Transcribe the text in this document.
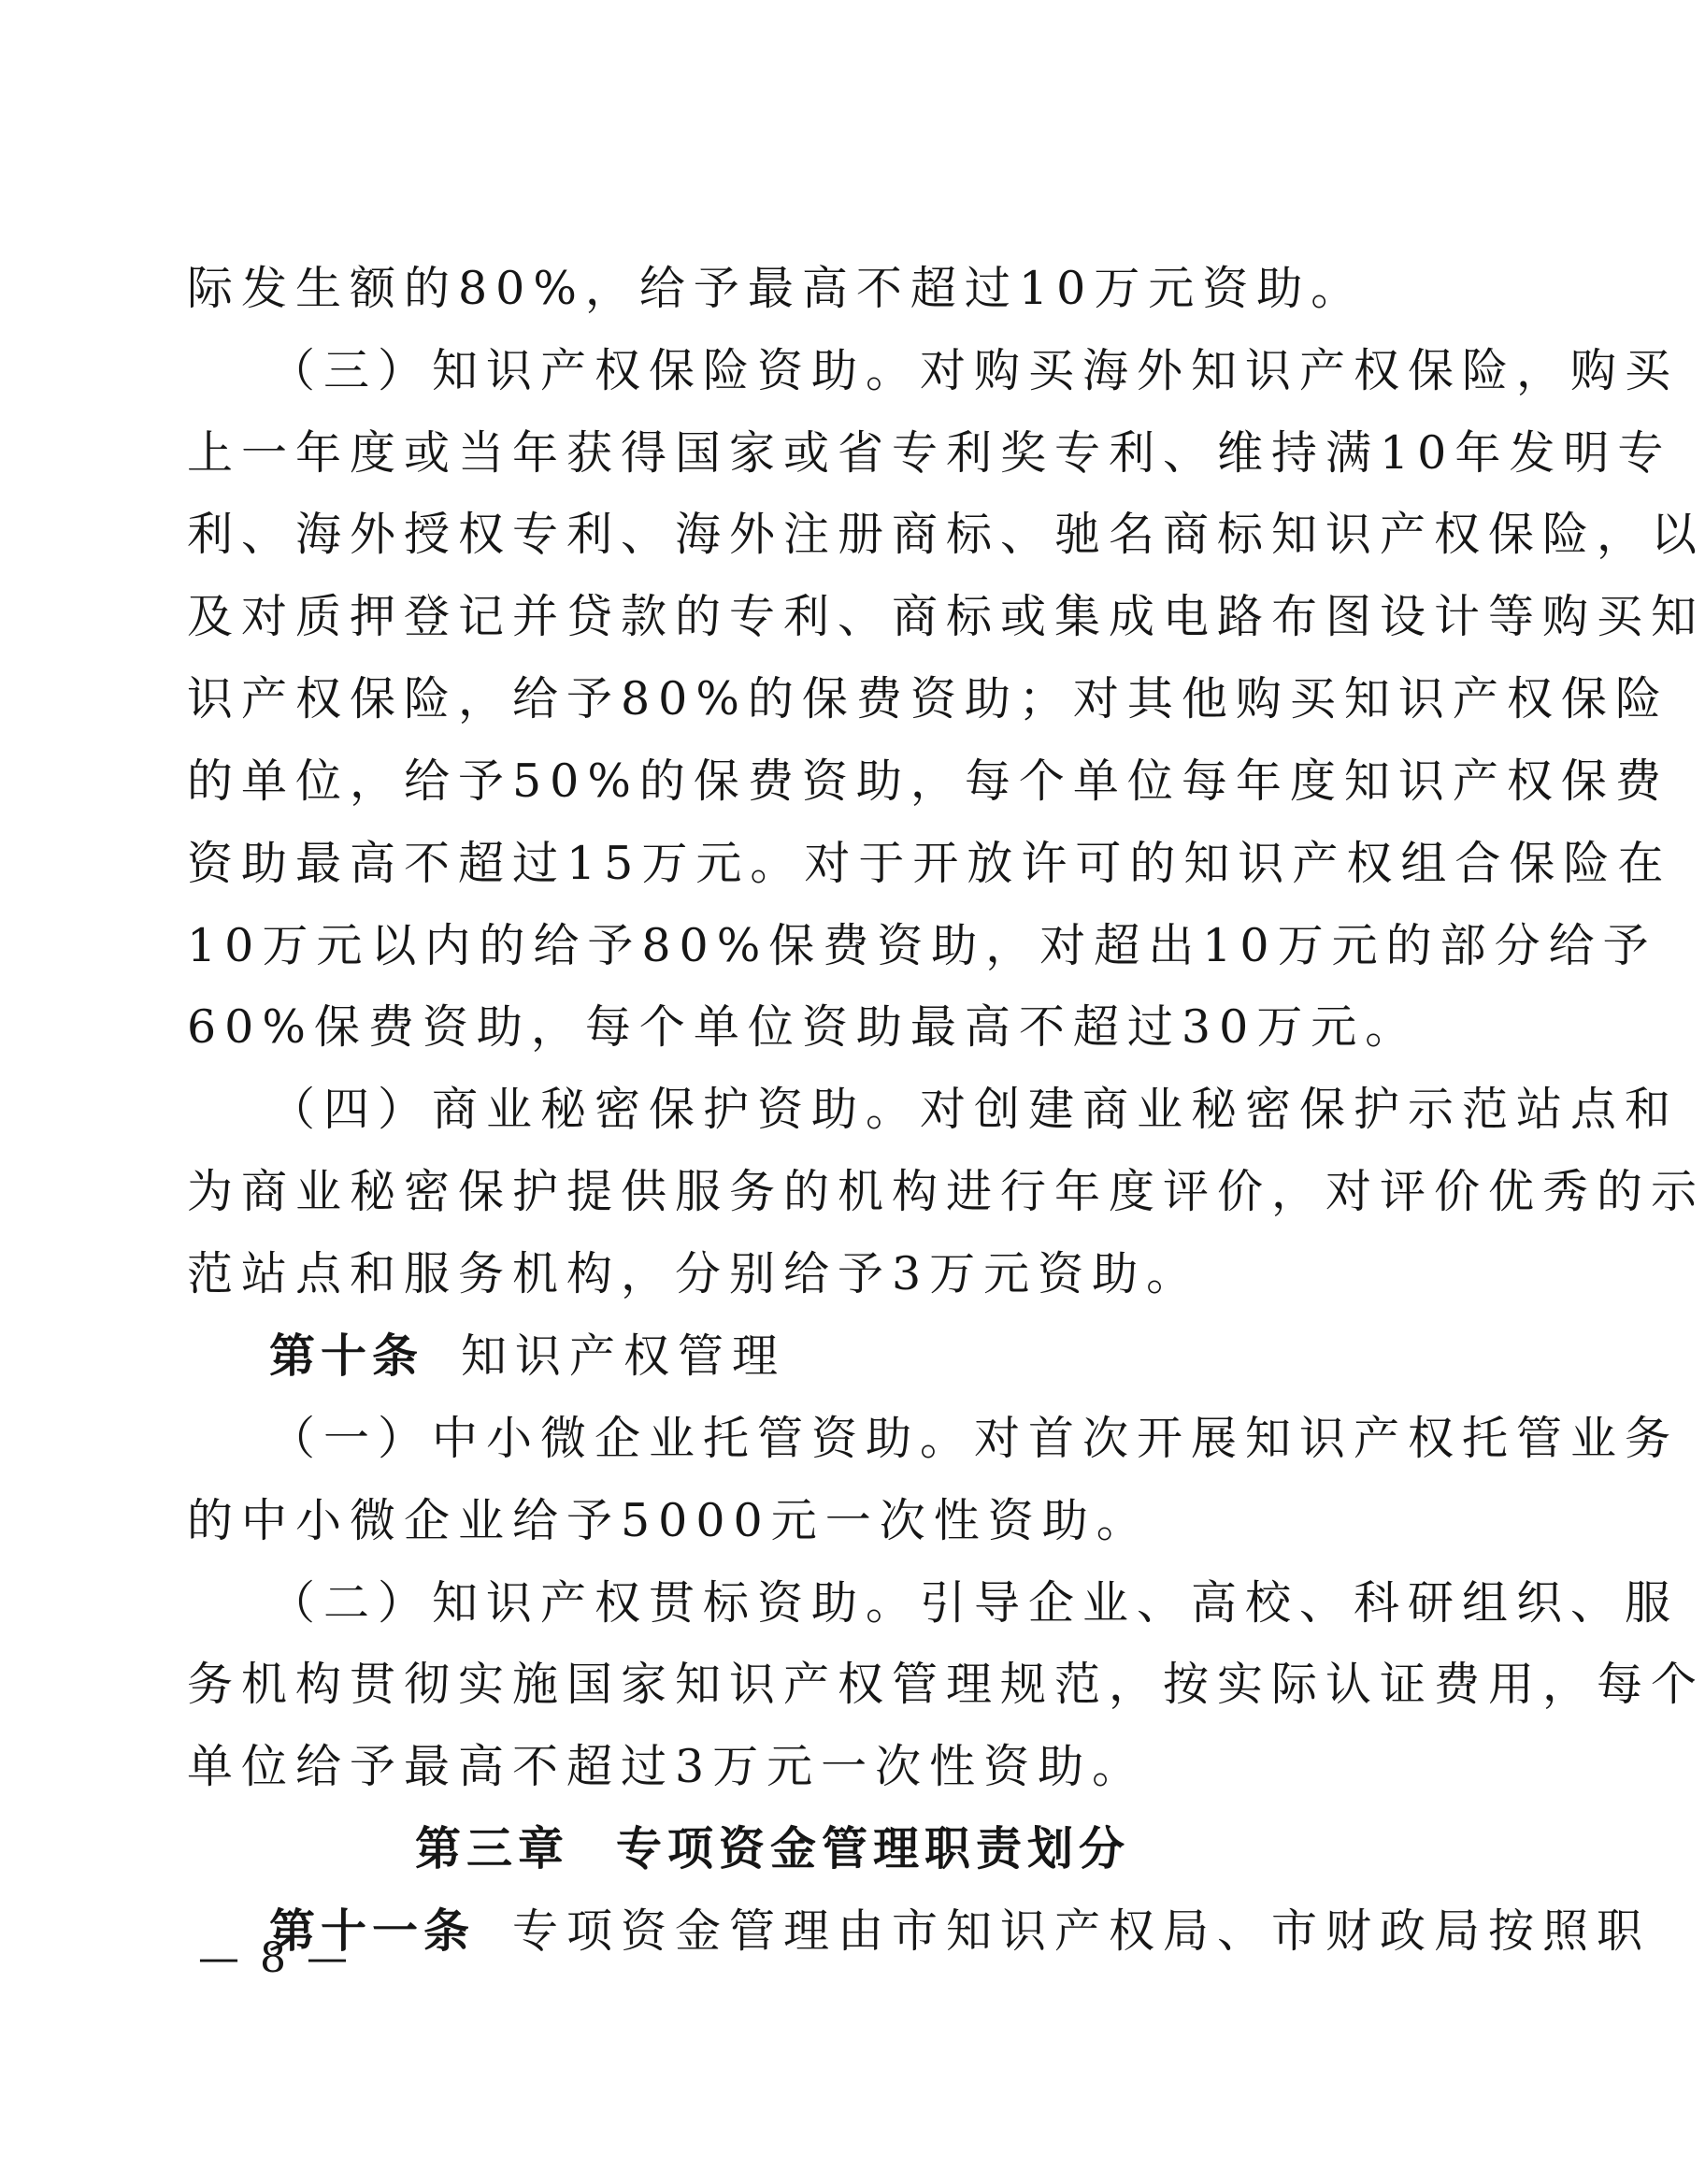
际发生额的80%，给予最高不超过10万元资助。
（三）知识产权保险资助。对购买海外知识产权保险，购买
上一年度或当年获得国家或省专利奖专利、维持满10年发明专
利、海外授权专利、海外注册商标、驰名商标知识产权保险，以
及对质押登记并贷款的专利、商标或集成电路布图设计等购买知
识产权保险，给予80%的保费资助；对其他购买知识产权保险
的单位，给予50%的保费资助，每个单位每年度知识产权保费
资助最高不超过15万元。对于开放许可的知识产权组合保险在
10万元以内的给予80%保费资助，对超出10万元的部分给予
60%保费资助，每个单位资助最高不超过30万元。
（四）商业秘密保护资助。对创建商业秘密保护示范站点和
为商业秘密保护提供服务的机构进行年度评价，对评价优秀的示
范站点和服务机构，分别给予3万元资助。
第十条 知识产权管理
（一）中小微企业托管资助。对首次开展知识产权托管业务
的中小微企业给予5000元一次性资助。
（二）知识产权贯标资助。引导企业、高校、科研组织、服
务机构贯彻实施国家知识产权管理规范，按实际认证费用，每个
单位给予最高不超过3万元一次性资助。
第三章 专项资金管理职责划分
第十一条 专项资金管理由市知识产权局、市财政局按照职
— 8 —
